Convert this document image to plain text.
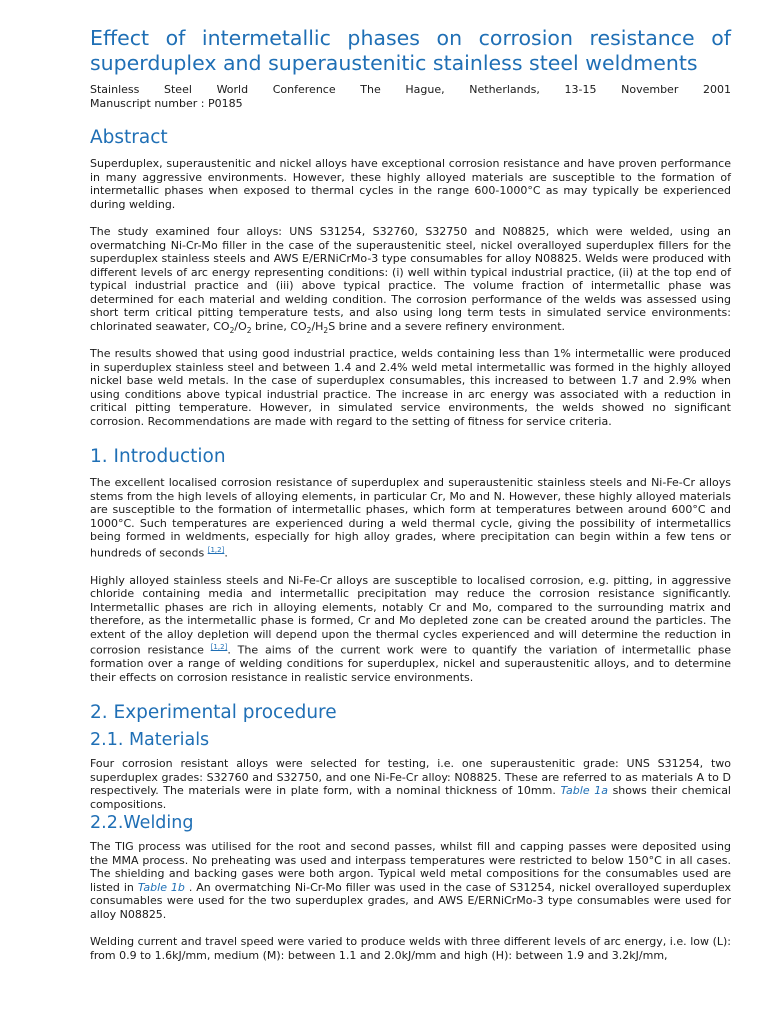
Effect of intermetallic phases on corrosion resistance of superduplex and superaustenitic stainless steel weldments
Stainless Steel World Conference The Hague, Netherlands, 13-15 November 2001
Manuscript number : P0185
Abstract

Superduplex, superaustenitic and nickel alloys have exceptional corrosion resistance and have proven performance in many aggressive environments. However, these highly alloyed materials are susceptible to the formation of intermetallic phases when exposed to thermal cycles in the range 600-1000°C as may typically be experienced during welding.

The study examined four alloys: UNS S31254, S32760, S32750 and N08825, which were welded, using an overmatching Ni-Cr-Mo filler in the case of the superaustenitic steel, nickel overalloyed superduplex fillers for the superduplex stainless steels and AWS E/ERNiCrMo-3 type consumables for alloy N08825. Welds were produced with different levels of arc energy representing conditions: (i) well within typical industrial practice, (ii) at the top end of typical industrial practice and (iii) above typical practice. The volume fraction of intermetallic phase was determined for each material and welding condition. The corrosion performance of the welds was assessed using short term critical pitting temperature tests, and also using long term tests in simulated service environments: chlorinated seawater, $CO_2/O_2$ brine, $CO_2/H_2S$ brine and a severe refinery environment.

The results showed that using good industrial practice, welds containing less than 1% intermetallic were produced in superduplex stainless steel and between 1.4 and 2.4% weld metal intermetallic was formed in the highly alloyed nickel base weld metals. In the case of superduplex consumables, this increased to between 1.7 and 2.9% when using conditions above typical industrial practice. The increase in arc energy was associated with a reduction in critical pitting temperature. However, in simulated service environments, the welds showed no significant corrosion. Recommendations are made with regard to the setting of fitness for service criteria.

1. Introduction

The excellent localised corrosion resistance of superduplex and superaustenitic stainless steels and Ni-Fe-Cr alloys stems from the high levels of alloying elements, in particular Cr, Mo and N. However, these highly alloyed materials are susceptible to the formation of intermetallic phases, which form at temperatures between around 600°C and 1000°C. Such temperatures are experienced during a weld thermal cycle, giving the possibility of intermetallics being formed in weldments, especially for high alloy grades, where precipitation can begin within a few tens or hundreds of seconds [1,2].

Highly alloyed stainless steels and Ni-Fe-Cr alloys are susceptible to localised corrosion, e.g. pitting, in aggressive chloride containing media and intermetallic precipitation may reduce the corrosion resistance significantly. Intermetallic phases are rich in alloying elements, notably Cr and Mo, compared to the surrounding matrix and therefore, as the intermetallic phase is formed, Cr and Mo depleted zone can be created around the particles. The extent of the alloy depletion will depend upon the thermal cycles experienced and will determine the reduction in corrosion resistance [1,2]. The aims of the current work were to quantify the variation of intermetallic phase formation over a range of welding conditions for superduplex, nickel and superaustenitic alloys, and to determine their effects on corrosion resistance in realistic service environments.

2. Experimental procedure
2.1. Materials

Four corrosion resistant alloys were selected for testing, i.e. one superaustenitic grade: UNS S31254, two superduplex grades: S32760 and S32750, and one Ni-Fe-Cr alloy: N08825. These are referred to as materials A to D respectively. The materials were in plate form, with a nominal thickness of 10mm. Table 1a shows their chemical compositions.

2.2.Welding

The TIG process was utilised for the root and second passes, whilst fill and capping passes were deposited using the MMA process. No preheating was used and interpass temperatures were restricted to below 150°C in all cases. The shielding and backing gases were both argon. Typical weld metal compositions for the consumables used are listed in Table 1b . An overmatching Ni-Cr-Mo filler was used in the case of S31254, nickel overalloyed superduplex consumables were used for the two superduplex grades, and AWS E/ERNiCrMo-3 type consumables were used for alloy N08825.

Welding current and travel speed were varied to produce welds with three different levels of arc energy, i.e. low (L): from 0.9 to 1.6kJ/mm, medium (M): between 1.1 and 2.0kJ/mm and high (H): between 1.9 and 3.2kJ/mm,
